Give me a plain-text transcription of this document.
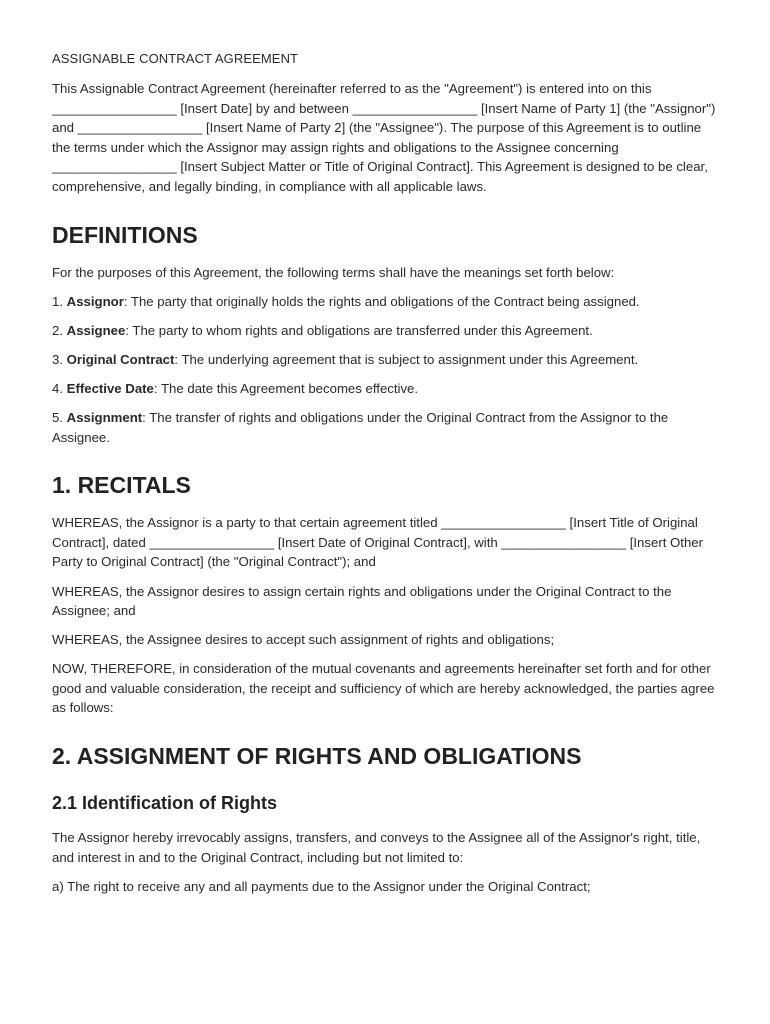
ASSIGNABLE CONTRACT AGREEMENT

This Assignable Contract Agreement (hereinafter referred to as the "Agreement") is entered into on this _________________ [Insert Date] by and between _________________ [Insert Name of Party 1] (the "Assignor") and _________________ [Insert Name of Party 2] (the "Assignee"). The purpose of this Agreement is to outline the terms under which the Assignor may assign rights and obligations to the Assignee concerning _________________ [Insert Subject Matter or Title of Original Contract]. This Agreement is designed to be clear, comprehensive, and legally binding, in compliance with all applicable laws.

DEFINITIONS

For the purposes of this Agreement, the following terms shall have the meanings set forth below:

1. Assignor: The party that originally holds the rights and obligations of the Contract being assigned.

2. Assignee: The party to whom rights and obligations are transferred under this Agreement.

3. Original Contract: The underlying agreement that is subject to assignment under this Agreement.

4. Effective Date: The date this Agreement becomes effective.

5. Assignment: The transfer of rights and obligations under the Original Contract from the Assignor to the Assignee.

1. RECITALS

WHEREAS, the Assignor is a party to that certain agreement titled _________________ [Insert Title of Original Contract], dated _________________ [Insert Date of Original Contract], with _________________ [Insert Other Party to Original Contract] (the "Original Contract"); and

WHEREAS, the Assignor desires to assign certain rights and obligations under the Original Contract to the Assignee; and

WHEREAS, the Assignee desires to accept such assignment of rights and obligations;

NOW, THEREFORE, in consideration of the mutual covenants and agreements hereinafter set forth and for other good and valuable consideration, the receipt and sufficiency of which are hereby acknowledged, the parties agree as follows:

2. ASSIGNMENT OF RIGHTS AND OBLIGATIONS
2.1 Identification of Rights

The Assignor hereby irrevocably assigns, transfers, and conveys to the Assignee all of the Assignor's right, title, and interest in and to the Original Contract, including but not limited to:

a) The right to receive any and all payments due to the Assignor under the Original Contract;
